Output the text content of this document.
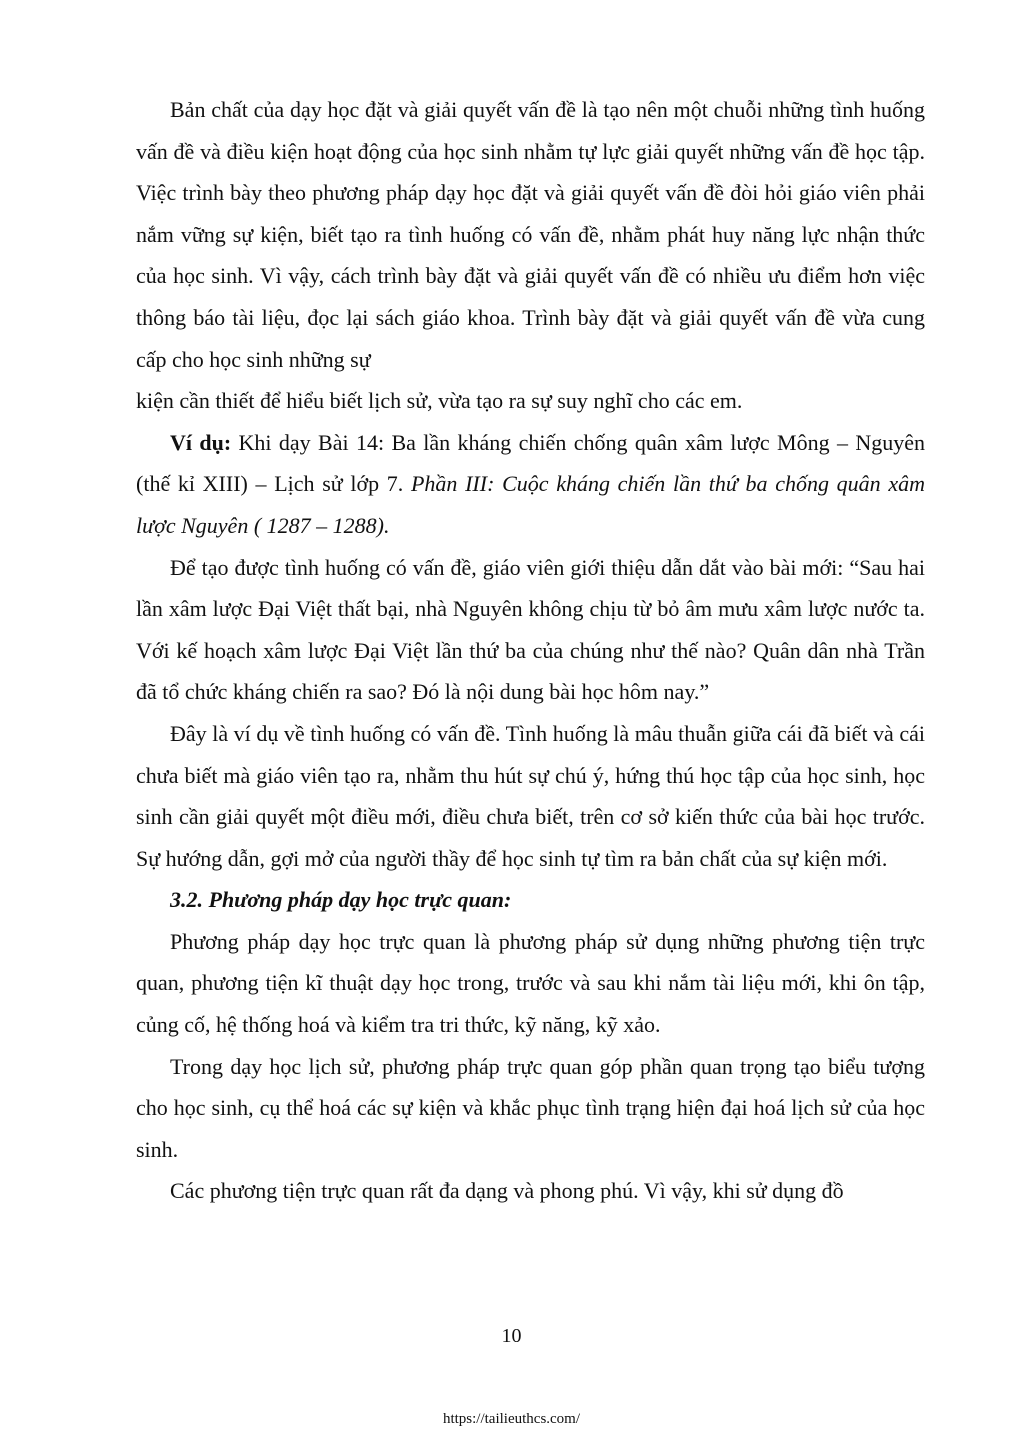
Bản chất của dạy học đặt và giải quyết vấn đề là tạo nên một chuỗi những tình huống vấn đề và điều kiện hoạt động của học sinh nhằm tự lực giải quyết những vấn đề học tập. Việc trình bày theo phương pháp dạy học đặt và giải quyết vấn đề đòi hỏi giáo viên phải nắm vững sự kiện, biết tạo ra tình huống có vấn đề, nhằm phát huy năng lực nhận thức của học sinh. Vì vậy, cách trình bày đặt và giải quyết vấn đề có nhiều ưu điểm hơn việc thông báo tài liệu, đọc lại sách giáo khoa. Trình bày đặt và giải quyết vấn đề vừa cung cấp cho học sinh những sự

kiện cần thiết để hiểu biết lịch sử, vừa tạo ra sự suy nghĩ cho các em.

Ví dụ: Khi dạy Bài 14: Ba lần kháng chiến chống quân xâm lược Mông – Nguyên (thế kỉ XIII) – Lịch sử lớp 7. Phần III: Cuộc kháng chiến lần thứ ba chống quân xâm lược Nguyên ( 1287 – 1288).

Để tạo được tình huống có vấn đề, giáo viên giới thiệu dẫn dắt vào bài mới: “Sau hai lần xâm lược Đại Việt thất bại, nhà Nguyên không chịu từ bỏ âm mưu xâm lược nước ta. Với kế hoạch xâm lược Đại Việt lần thứ ba của chúng như thế nào? Quân dân nhà Trần đã tổ chức kháng chiến ra sao? Đó là nội dung bài học hôm nay.”

Đây là ví dụ về tình huống có vấn đề. Tình huống là mâu thuẫn giữa cái đã biết và cái chưa biết mà giáo viên tạo ra, nhằm thu hút sự chú ý, hứng thú học tập của học sinh, học sinh cần giải quyết một điều mới, điều chưa biết, trên cơ sở kiến thức của bài học trước. Sự hướng dẫn, gợi mở của người thầy để học sinh tự tìm ra bản chất của sự kiện mới.

3.2. Phương pháp dạy học trực quan:

Phương pháp dạy học trực quan là phương pháp sử dụng những phương tiện trực quan, phương tiện kĩ thuật dạy học trong, trước và sau khi nắm tài liệu mới, khi ôn tập, củng cố, hệ thống hoá và kiểm tra tri thức, kỹ năng, kỹ xảo.

Trong dạy học lịch sử, phương pháp trực quan góp phần quan trọng tạo biểu tượng cho học sinh, cụ thể hoá các sự kiện và khắc phục tình trạng hiện đại hoá lịch sử của học sinh.

Các phương tiện trực quan rất đa dạng và phong phú. Vì vậy, khi sử dụng đồ

10
https://tailieuthcs.com/
